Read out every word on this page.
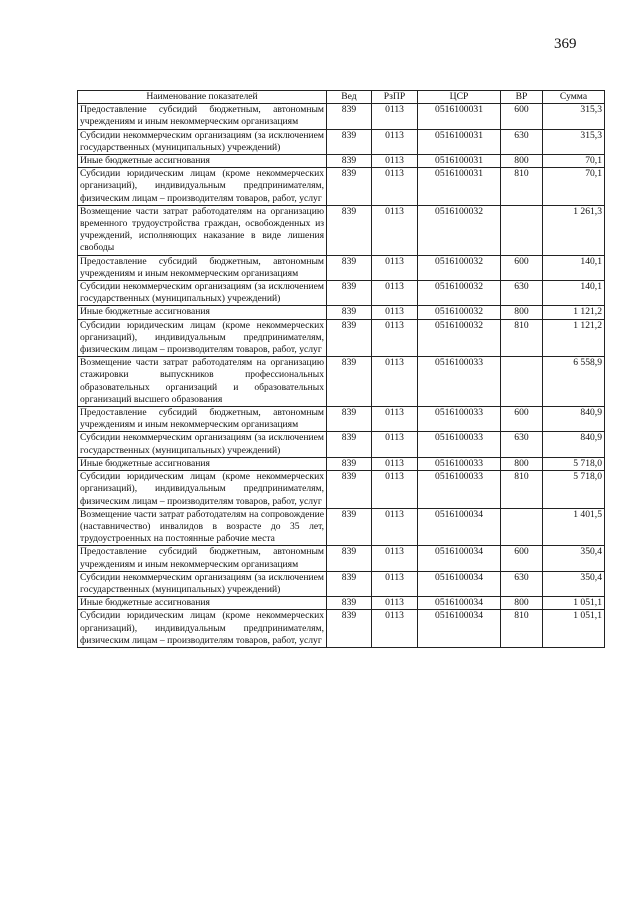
369
Наименование показателей	Вед	РзПР	ЦСР	ВР	Сумма
Предоставление субсидий бюджетным, автономным учреждениям и иным некоммерческим организациям	839	0113	0516100031	600	315,3
Субсидии некоммерческим организациям (за исключением государственных (муниципальных) учреждений)	839	0113	0516100031	630	315,3
Иные бюджетные ассигнования	839	0113	0516100031	800	70,1
Субсидии юридическим лицам (кроме некоммерческих организаций), индивидуальным предпринимателям, физическим лицам – производителям товаров, работ, услуг	839	0113	0516100031	810	70,1
Возмещение части затрат работодателям на организацию временного трудоустройства граждан, освобожденных из учреждений, исполняющих наказание в виде лишения свободы	839	0113	0516100032		1 261,3
Предоставление субсидий бюджетным, автономным учреждениям и иным некоммерческим организациям	839	0113	0516100032	600	140,1
Субсидии некоммерческим организациям (за исключением государственных (муниципальных) учреждений)	839	0113	0516100032	630	140,1
Иные бюджетные ассигнования	839	0113	0516100032	800	1 121,2
Субсидии юридическим лицам (кроме некоммерческих организаций), индивидуальным предпринимателям, физическим лицам – производителям товаров, работ, услуг	839	0113	0516100032	810	1 121,2
Возмещение части затрат работодателям на организацию стажировки выпускников профессиональных образовательных организаций и образовательных организаций высшего образования	839	0113	0516100033		6 558,9
Предоставление субсидий бюджетным, автономным учреждениям и иным некоммерческим организациям	839	0113	0516100033	600	840,9
Субсидии некоммерческим организациям (за исключением государственных (муниципальных) учреждений)	839	0113	0516100033	630	840,9
Иные бюджетные ассигнования	839	0113	0516100033	800	5 718,0
Субсидии юридическим лицам (кроме некоммерческих организаций), индивидуальным предпринимателям, физическим лицам – производителям товаров, работ, услуг	839	0113	0516100033	810	5 718,0
Возмещение части затрат работодателям на сопровождение (наставничество) инвалидов в возрасте до 35 лет, трудоустроенных на постоянные рабочие места	839	0113	0516100034		1 401,5
Предоставление субсидий бюджетным, автономным учреждениям и иным некоммерческим организациям	839	0113	0516100034	600	350,4
Субсидии некоммерческим организациям (за исключением государственных (муниципальных) учреждений)	839	0113	0516100034	630	350,4
Иные бюджетные ассигнования	839	0113	0516100034	800	1 051,1
Субсидии юридическим лицам (кроме некоммерческих организаций), индивидуальным предпринимателям, физическим лицам – производителям товаров, работ, услуг	839	0113	0516100034	810	1 051,1
